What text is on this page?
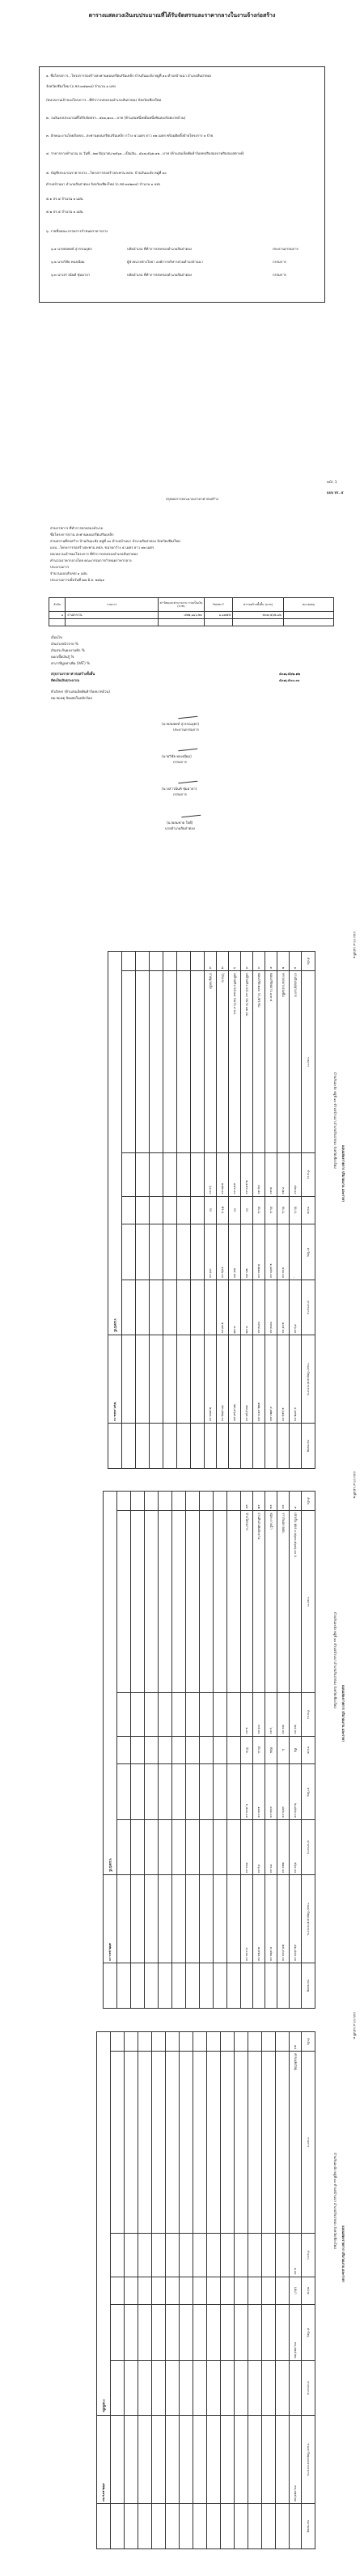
ตารางแสดงวงเงินงบประมาณที่ได้รับจัดสรรและราคากลางในงานจ้างก่อสร้าง
๑. ชื่อโครงการ...โครงการก่อสร้างสะพานคอนกรีตเสริมเหล็ก บ้านกันมะฮัง หมู่ที่ ๑๐ ตำบลบ้านนา อำเภอสันป่าตอง
จังหวัดเชียงใหม่ (ถ.ชส.๓๘๒๓๔) จำนวน ๑ แห่ง
/หน่วยงานเจ้าของโครงการ...ที่ทำการปกครองอำเภอสันป่าตอง จังหวัดเชียงใหม่
๒. วงเงินงบประมาณที่ได้รับจัดสรร...๕๑๑,๒๐๐...บาท (ห้าแสนหนึ่งหมื่นหนึ่งพันสองร้อยบาทถ้วน)
๓. ลักษณะงานโดยสังเขป...สะพานคอนกรีตเสริมเหล็ก กว้าง ๕ เมตร ยาว ๑๒ เมตร พร้อมติดตั้งป้ายโครงการ ๑ ป้าย
๔. ราคากลางคำนวณ ณ วันที่...๒๗ มิถุนายน ๒๕๖๑...เป็นเงิน...๕๐๗,๕๖๒.๑๒...บาท (ห้าแสนเจ็ดพันห้าร้อยหกสิบสองบาทสิบสองสตางค์)
๕. บัญชีประมาณราคากลาง...โครงการก่อสร้างสะพาน คสล. บ้านกันมะฮัง หมู่ที่ ๑๐
ตำบลบ้านนา อำเภอสันป่าตอง จังหวัดเชียงใหม่ (ถ.ชส.๓๘๒๓๔) จำนวน ๑ แห่ง
๕.๑ ปร.๔ จำนวน ๑ แผ่น
๕.๒ ปร.๕ จำนวน ๑ แผ่น
๖. รายชื่อคณะกรรมการกำหนดราคากลาง
๖.๑ นายสมพงษ์ สุวรรณบุตร	ปลัดอำเภอ ที่ทำการปกครองอำเภอสันป่าตอง	ประธานกรรมการ
๖.๒ นายวิชัย ทองเนียม	ผู้ช่วยนายช่างโยธา องค์การบริหารส่วนตำบลบ้านนา	กรรมการ
๖.๓ นางสาวนันท์ ชุ่มมาลา	ปลัดอำเภอ ที่ทำการปกครองอำเภอสันป่าตอง	กรรมการ
หน้า 1
แบบ ปร. ๕
สรุปผลการประมาณราคาค่าก่อสร้าง
ส่วนราชการ ที่ทำการปกครองอำเภอ
ชื่อโครงการ/งาน สะพานคอนกรีตเสริมเหล็ก
ส่วนสถานที่ก่อสร้าง บ้านกันมะฮัง หมู่ที่ ๑๐ ตำบลบ้านนา อำเภอสันป่าตอง จังหวัดเชียงใหม่
แบบ...โครงการก่อสร้างสะพาน คสล. ขนาดกว้าง ๕ เมตร ยาว ๑๒ เมตร
หน่วยงานเจ้าของโครงการ ที่ทำการปกครองอำเภอสันป่าตอง
คำนวณราคากลางโดย คณะกรรมการกำหนดราคากลาง
ประมาณการ
จำนวนแบบสังเขป ๑ แผ่น
ประมาณการเมื่อวันที่ ๒๗ มิ.ย. ๒๕๖๑
ลำดับ	รายการ	ค่าวัสดุและค่าแรงงาน รวมเป็นเงิน (บาท)	Factor F	ค่าก่อสร้างทั้งสิ้น (บาท)	หมายเหตุ
๑	งานสะพาน	๔๒๒,๑๑๖.๒๐	๑.๑๗๕๕	๕๐๗,๕๖๒.๑๒	

เงื่อนไข
เงินล่วงหน้าจ่าย %
เงินประกันผลงานหัก %
ดอกเบี้ยเงินกู้ %
ค่าภาษีมูลค่าเพิ่ม (VAT) %
สรุปรวมราคาค่าก่อสร้างทั้งสิ้น	๕๐๗,๕๖๒.๑๒
คิดเป็นเงินประมาณ	๕๐๗,๕๐๐.๐๐
ตัวอักษร (ห้าแสนเจ็ดพันห้าร้อยบาทถ้วน)
หมายเหตุ ปัดเศษในหลักร้อย
(นายสมพงษ์ สุวรรณบุตร)
ประธานกรรมการ
(นายวิชัย ทองเนียม)
กรรมการ
(นางสาวนันท์ ชุ่มมาลา)
กรรมการ
(นายสมชาย ใจดี)
นายอำเภอสันป่าตอง
แบบ ปร.๔ แผ่นที่ ๑
แบบแสดงรายการ ปริมาณงาน และราคา
บ้านกันมะฮัง หมู่ที่ ๑๐ ตำบลบ้านนา อำเภอสันป่าตอง จังหวัดเชียงใหม่
ลำดับ	รายการ	จำนวน	หน่วย	ค่าวัสดุ	ค่าแรงงาน	รวมค่าวัสดุและค่าแรงงาน	หมายเหตุ
๑	งานดินขุดฐานราก	๔๒.๐๐	ลบ.ม.	-	๙๖.๐๐	๔,๐๓๒.๐๐	
๒	ทรายหยาบรองพื้น	๓.๒๐	ลบ.ม.	๔๐๐.๐๐	๑๐๕.๐๐	๑,๖๑๖.๐๐	
๓	คอนกรีตหยาบ ๑:๓:๕	๒.๑๐	ลบ.ม.	๑,๘๕๐.๐๐	๓๙๘.๐๐	๔,๗๒๐.๘๐	
๔	คอนกรีต ๒๔๐ กก./ตร.ซม.	๔๖.๘๐	ลบ.ม.	๒,๒๑๐.๐๐	๓๙๘.๐๐	๑๒๒,๐๕๔.๔๐	
๕	เหล็กเสริม SD-๔๐ ขนาด ๑๒ มม.	๒,๑๕๐.๐๐	กก.	๒๓.๕๐	๓.๓๒	๕๗,๖๖๓.๐๐	
๖	เหล็กเสริม SR-๒๔ ขนาด ๙ มม.	๘๔๐.๐๐	กก.	๒๔.๕๐	๓.๓๒	๒๓,๓๖๘.๘๐	
๗	ไม้แบบ	๑๘๒.๐๐	ตร.ม.	๑๘๖.๐๐	๑๐๗.๐๐	๕๓,๓๒๖.๐๐	
๘	ลวดผูกเหล็ก	๖๐.๐๐	กก.	๔๕.๐๐	-	๒,๗๐๐.๐๐	

รวมหน้านี้						๒๖๙,๔๘๑.๐๐	
แบบ ปร.๔ แผ่นที่ ๒
แบบแสดงรายการ ปริมาณงาน และราคา
บ้านกันมะฮัง หมู่ที่ ๑๐ ตำบลบ้านนา อำเภอสันป่าตอง จังหวัดเชียงใหม่
ลำดับ	รายการ	จำนวน	หน่วย	ค่าวัสดุ	ค่าแรงงาน	รวมค่าวัสดุและค่าแรงงาน	หมายเหตุ
๙	เสาเข็ม คอร.๐.๒๖x๐.๒๖x๖.๐๐ ม.	๒๔.๐๐	ต้น	๒,๘๕๐.๐๐	๕๖๐.๐๐	๘๑,๘๔๐.๐๐	
๑๐	ราวกันตก คสล.	๒๔.๐๐	ม.	๘๕๐.๐๐	๒๑๐.๐๐	๒๕,๔๔๐.๐๐	
๑๑	ท่อระบายน้ำ	๖.๐๐	ท่อน	๔๘๐.๐๐	๙๐.๐๐	๓,๔๒๐.๐๐	
๑๒	งานดินถมคอสะพาน	๓๕.๐๐	ลบ.ม.	๑๘๐.๐๐	๔๖.๐๐	๗,๙๑๐.๐๐	
๑๓	ป้ายโครงการ	๑.๐๐	ป้าย	๓,๕๐๐.๐๐	๕๐๐.๐๐	๔,๐๐๐.๐๐	

รวมหน้านี้						๑๒๒,๖๑๐.๐๐	
แบบ ปร.๔ แผ่นที่ ๓
แบบแสดงรายการ ปริมาณงาน และราคา
บ้านกันมะฮัง หมู่ที่ ๑๐ ตำบลบ้านนา อำเภอสันป่าตอง จังหวัดเชียงใหม่
ลำดับ	รายการ	จำนวน	หน่วย	ค่าวัสดุ	ค่าแรงงาน	รวมค่าวัสดุและค่าแรงงาน	หมายเหตุ
๑๔	ค่าขนส่งวัสดุ	๑.๐๐	เหมา	๓๐,๐๒๕.๒๐	-	๓๐,๐๒๕.๒๐	

รวมทั้งสิ้น						๔๒๒,๑๑๖.๒๐	
